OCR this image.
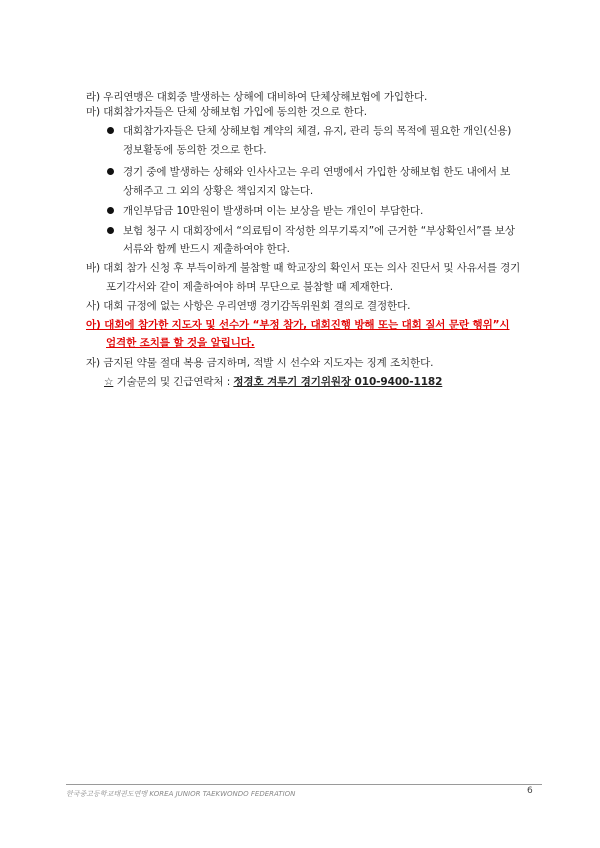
라) 우리연맹은 대회중 발생하는 상해에 대비하여 단체상해보험에 가입한다.
마) 대회참가자들은 단체 상해보험 가입에 동의한 것으로 한다.
대회참가자들은 단체 상해보험 계약의 체결, 유지, 관리 등의 목적에 필요한 개인(신용)
정보활동에 동의한 것으로 한다.
경기 중에 발생하는 상해와 인사사고는 우리 연맹에서 가입한 상해보험 한도 내에서 보
상해주고 그 외의 상황은 책임지지 않는다.
개인부담금 10만원이 발생하며 이는 보상을 받는 개인이 부담한다.
보험 청구 시 대회장에서 “의료팀이 작성한 의무기록지”에 근거한 “부상확인서”를 보상
서류와 함께 반드시 제출하여야 한다.
바) 대회 참가 신청 후 부득이하게 불참할 때 학교장의 확인서 또는 의사 진단서 및 사유서를 경기
포기각서와 같이 제출하여야 하며 무단으로 불참할 때 제재한다.
사) 대회 규정에 없는 사항은 우리연맹 경기감독위원회 결의로 결정한다.
아) 대회에 참가한 지도자 및 선수가 “부정 참가, 대회진행 방해 또는 대회 질서 문란 행위”시
엄격한 조치를 할 것을 알립니다.
자) 금지된 약물 절대 복용 금지하며, 적발 시 선수와 지도자는 징계 조치한다.
☆ 기술문의 및 긴급연락처 : 정경호 겨루기 경기위원장 010-9400-1182
한국중고등학교태권도연맹 KOREA JUNIOR TAEKWONDO FEDERATION	6
